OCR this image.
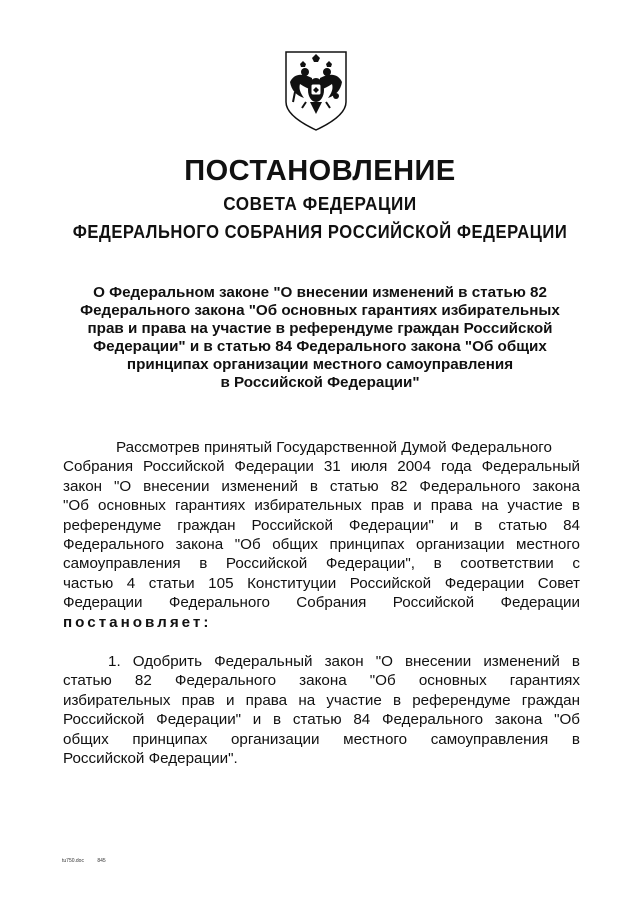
ПОСТАНОВЛЕНИЕ
СОВЕТА ФЕДЕРАЦИИ
ФЕДЕРАЛЬНОГО СОБРАНИЯ РОССИЙСКОЙ ФЕДЕРАЦИИ
О Федеральном законе "О внесении изменений в статью 82
Федерального закона "Об основных гарантиях избирательных
прав и права на участие в референдуме граждан Российской
Федерации" и в статью 84 Федерального закона "Об общих
принципах организации местного самоуправления
в Российской Федерации"
Рассмотрев принятый Государственной Думой Федерального
Собрания Российской Федерации 31 июля 2004 года Федеральный
закон "О внесении изменений в статью 82 Федерального закона
"Об основных гарантиях избирательных прав и права на участие в
референдуме граждан Российской Федерации" и в статью 84
Федерального закона "Об общих принципах организации местного
самоуправления в Российской Федерации", в соответствии с
частью 4 статьи 105 Конституции Российской Федерации Совет
Федерации Федерального Собрания Российской Федерации
постановляет:
1. Одобрить Федеральный закон "О внесении изменений в
статью 82 Федерального закона "Об основных гарантиях
избирательных прав и права на участие в референдуме граждан
Российской Федерации" и в статью 84 Федерального закона "Об
общих принципах организации местного самоуправления в
Российской Федерации".
tu750.doc	845
